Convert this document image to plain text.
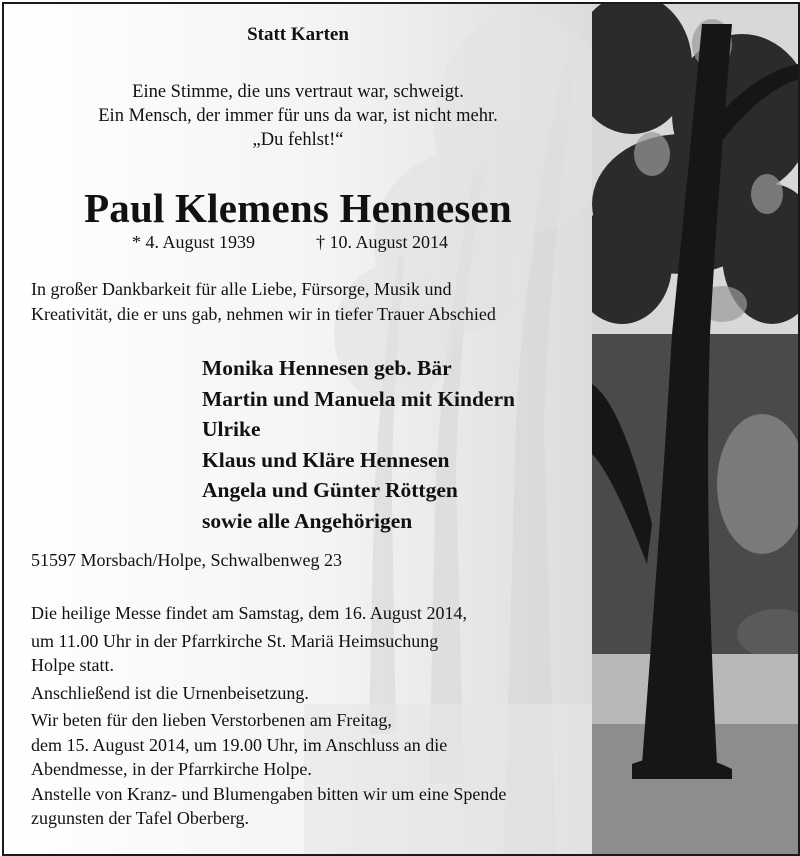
Statt Karten
Eine Stimme, die uns vertraut war, schweigt.
Ein Mensch, der immer für uns da war, ist nicht mehr.
„Du fehlst!“
Paul Klemens Hennesen
* 4. August 1939	† 10. August 2014
In großer Dankbarkeit für alle Liebe, Fürsorge, Musik und
Kreativität, die er uns gab, nehmen wir in tiefer Trauer Abschied
Monika Hennesen geb. Bär
Martin und Manuela mit Kindern
Ulrike
Klaus und Kläre Hennesen
Angela und Günter Röttgen
sowie alle Angehörigen
51597 Morsbach/Holpe, Schwalbenweg 23
Die heilige Messe findet am Samstag, dem 16. August 2014,
um 11.00 Uhr in der Pfarrkirche St. Mariä Heimsuchung
Holpe statt.
Anschließend ist die Urnenbeisetzung.
Wir beten für den lieben Verstorbenen am Freitag,
dem 15. August 2014, um 19.00 Uhr, im Anschluss an die
Abendmesse, in der Pfarrkirche Holpe.
Anstelle von Kranz- und Blumengaben bitten wir um eine Spende
zugunsten der Tafel Oberberg.
